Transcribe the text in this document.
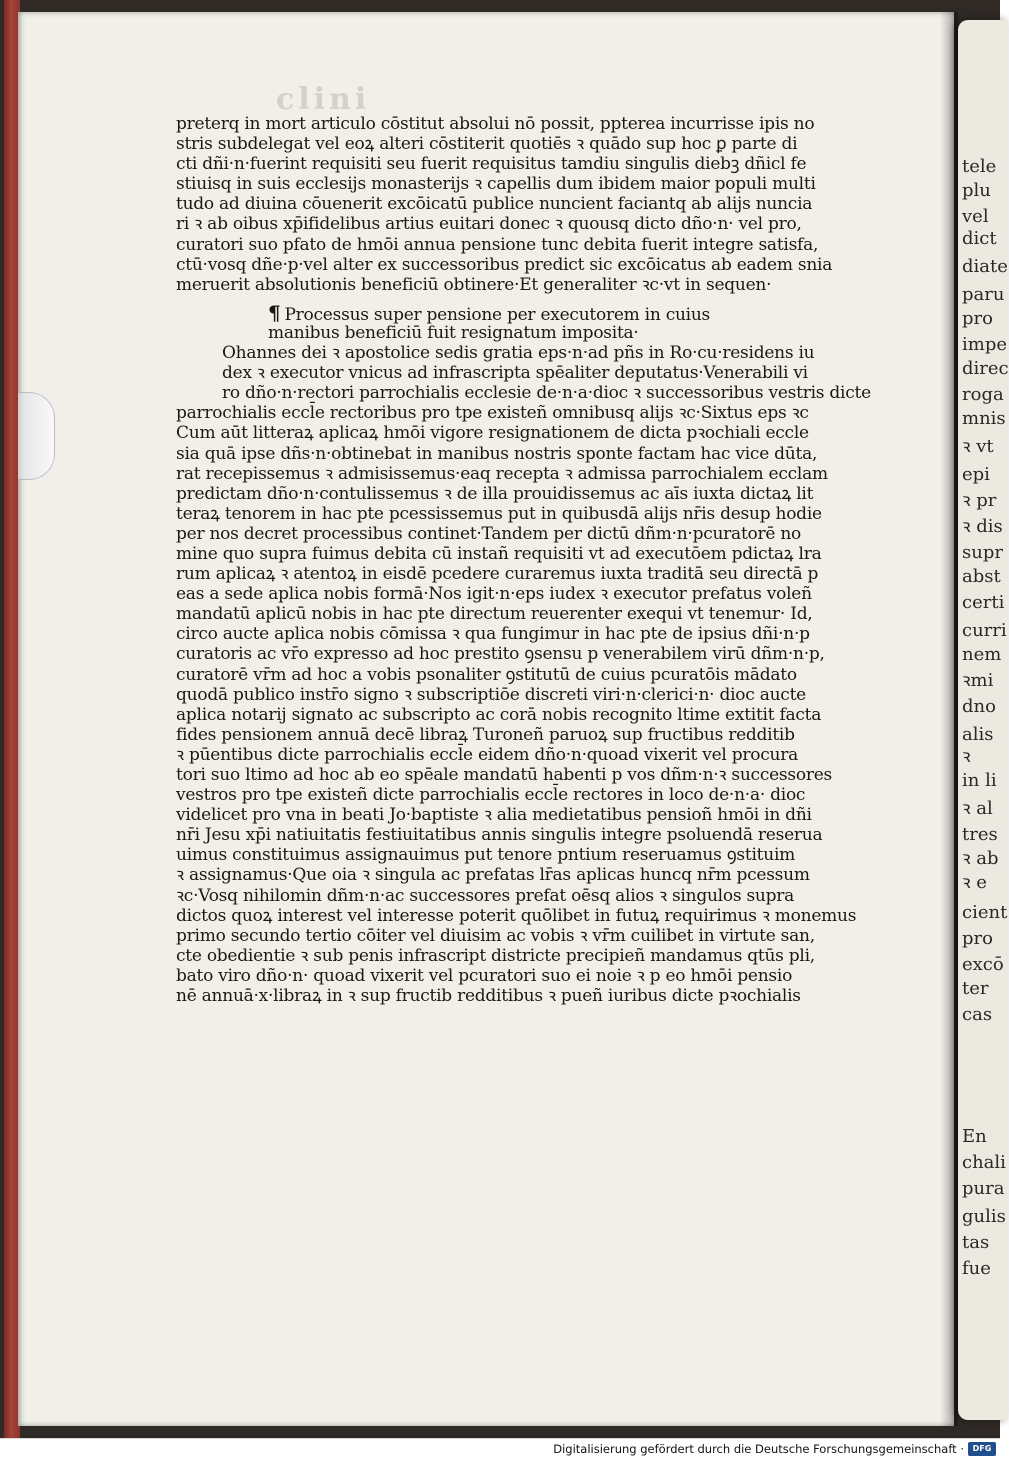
clini
tele
plu
vel
dict
diate
paru
pro
impe
direc
roga
mnis
ꝛ vt
epi
ꝛ pr
ꝛ dis
supr
abst
certi
curri
nem
ꝛmi
dno
alis
ꝛ
in li
ꝛ al
tres
ꝛ ab
ꝛ e
cient
pro
excō
ter
cas
En
chali
pura
gulis
tas
fue
preterq in mort articulo cōstitut absolui nō possit, ppterea incurrisse ipis no
stris subdelegat vel eoꝝ alteri cōstiterit quotiēs ꝛ quādo sup hoc ꝑ parte di
cti dñi·n·fuerint requisiti seu fuerit requisitus tamdiu singulis diebꝫ dñicl fe
stiuisq in suis ecclesijs monasterijs ꝛ capellis dum ibidem maior populi multi
tudo ad diuina cōuenerit excōicatū publice nuncient faciantq ab alijs nuncia
ri ꝛ ab oibus xp̄ifidelibus artius euitari donec ꝛ quousq dicto dño·n· vel pro,
curatori suo pfato de hmōi annua pensione tunc debita fuerit integre satisfa,
ctū·vosq dñe·p·vel alter ex successoribus predict sic excōicatus ab eadem snia
meruerit absolutionis beneficiū obtinere·Et generaliter ꝛc·vt in sequen·
¶ Processus super pensione per executorem in cuius
manibus beneficiū fuit resignatum imposita·
Ohannes dei ꝛ apostolice sedis gratia eps·n·ad pñs in Ro·cu·residens iu
dex ꝛ executor vnicus ad infrascripta spēaliter deputatus·Venerabili vi
ro dño·n·rectori parrochialis ecclesie de·n·a·dioc ꝛ successoribus vestris dicte
parrochialis eccl̄e rectoribus pro tpe existeñ omnibusq alijs ꝛc·Sixtus eps ꝛc
Cum aūt litteraꝝ aplicaꝝ hmōi vigore resignationem de dicta pꝛochiali eccle
sia quā ipse dñs·n·obtinebat in manibus nostris sponte factam hac vice dūta,
rat recepissemus ꝛ admisissemus·eaq recepta ꝛ admissa parrochialem ecclam
predictam dño·n·contulissemus ꝛ de illa prouidissemus ac aīs iuxta dictaꝝ lit
teraꝝ tenorem in hac pte pcessissemus put in quibusdā alijs nr̄is desup hodie
per nos decret processibus continet·Tandem per dictū dñm·n·pcuratorē no
mine quo supra fuimus debita cū instañ requisiti vt ad executōem pdictaꝝ lra
rum aplicaꝝ ꝛ atentoꝝ in eisdē pcedere curaremus iuxta traditā seu directā p
eas a sede aplica nobis formā·Nos igit·n·eps iudex ꝛ executor prefatus voleñ
mandatū aplicū nobis in hac pte directum reuerenter exequi vt tenemur· Id,
circo aucte aplica nobis cōmissa ꝛ qua fungimur in hac pte de ipsius dñi·n·p
curatoris ac vr̄o expresso ad hoc prestito ꝯsensu p venerabilem virū dñm·n·p,
curatorē vr̄m ad hoc a vobis psonaliter ꝯstitutū de cuius pcuratōis mādato
quodā publico instr̄o signo ꝛ subscriptiōe discreti viri·n·clerici·n· dioc aucte
aplica notarij signato ac subscripto ac corā nobis recognito ltime extitit facta
fides pensionem annuā decē libraꝝ Turoneñ paruoꝝ sup fructibus redditib
ꝛ pūentibus dicte parrochialis eccl̄e eidem dño·n·quoad vixerit vel procura
tori suo ltimo ad hoc ab eo spēale mandatū habenti p vos dñm·n·ꝛ successores
vestros pro tpe existeñ dicte parrochialis eccl̄e rectores in loco de·n·a· dioc
videlicet pro vna in beati Jo·baptiste ꝛ alia medietatibus pensioñ hmōi in dñi
nr̄i Jesu xp̄i natiuitatis festiuitatibus annis singulis integre psoluendā reserua
uimus constituimus assignauimus put tenore pntium reseruamus ꝯstituim
ꝛ assignamus·Que oia ꝛ singula ac prefatas lr̄as aplicas huncq nr̄m pcessum
ꝛc·Vosq nihilomin dñm·n·ac successores prefat oēsq alios ꝛ singulos supra
dictos quoꝝ interest vel interesse poterit quōlibet in futuꝝ requirimus ꝛ monemus
primo secundo tertio cōiter vel diuisim ac vobis ꝛ vr̄m cuilibet in virtute san,
cte obedientie ꝛ sub penis infrascript districte precipieñ mandamus qtūs pli,
bato viro dño·n· quoad vixerit vel pcuratori suo ei noie ꝛ p eo hmōi pensio
nē annuā·x·libraꝝ in ꝛ sup fructib redditibus ꝛ pueñ iuribus dicte pꝛochialis
Digitalisierung gefördert durch die Deutsche Forschungsgemeinschaft ·	DFG
